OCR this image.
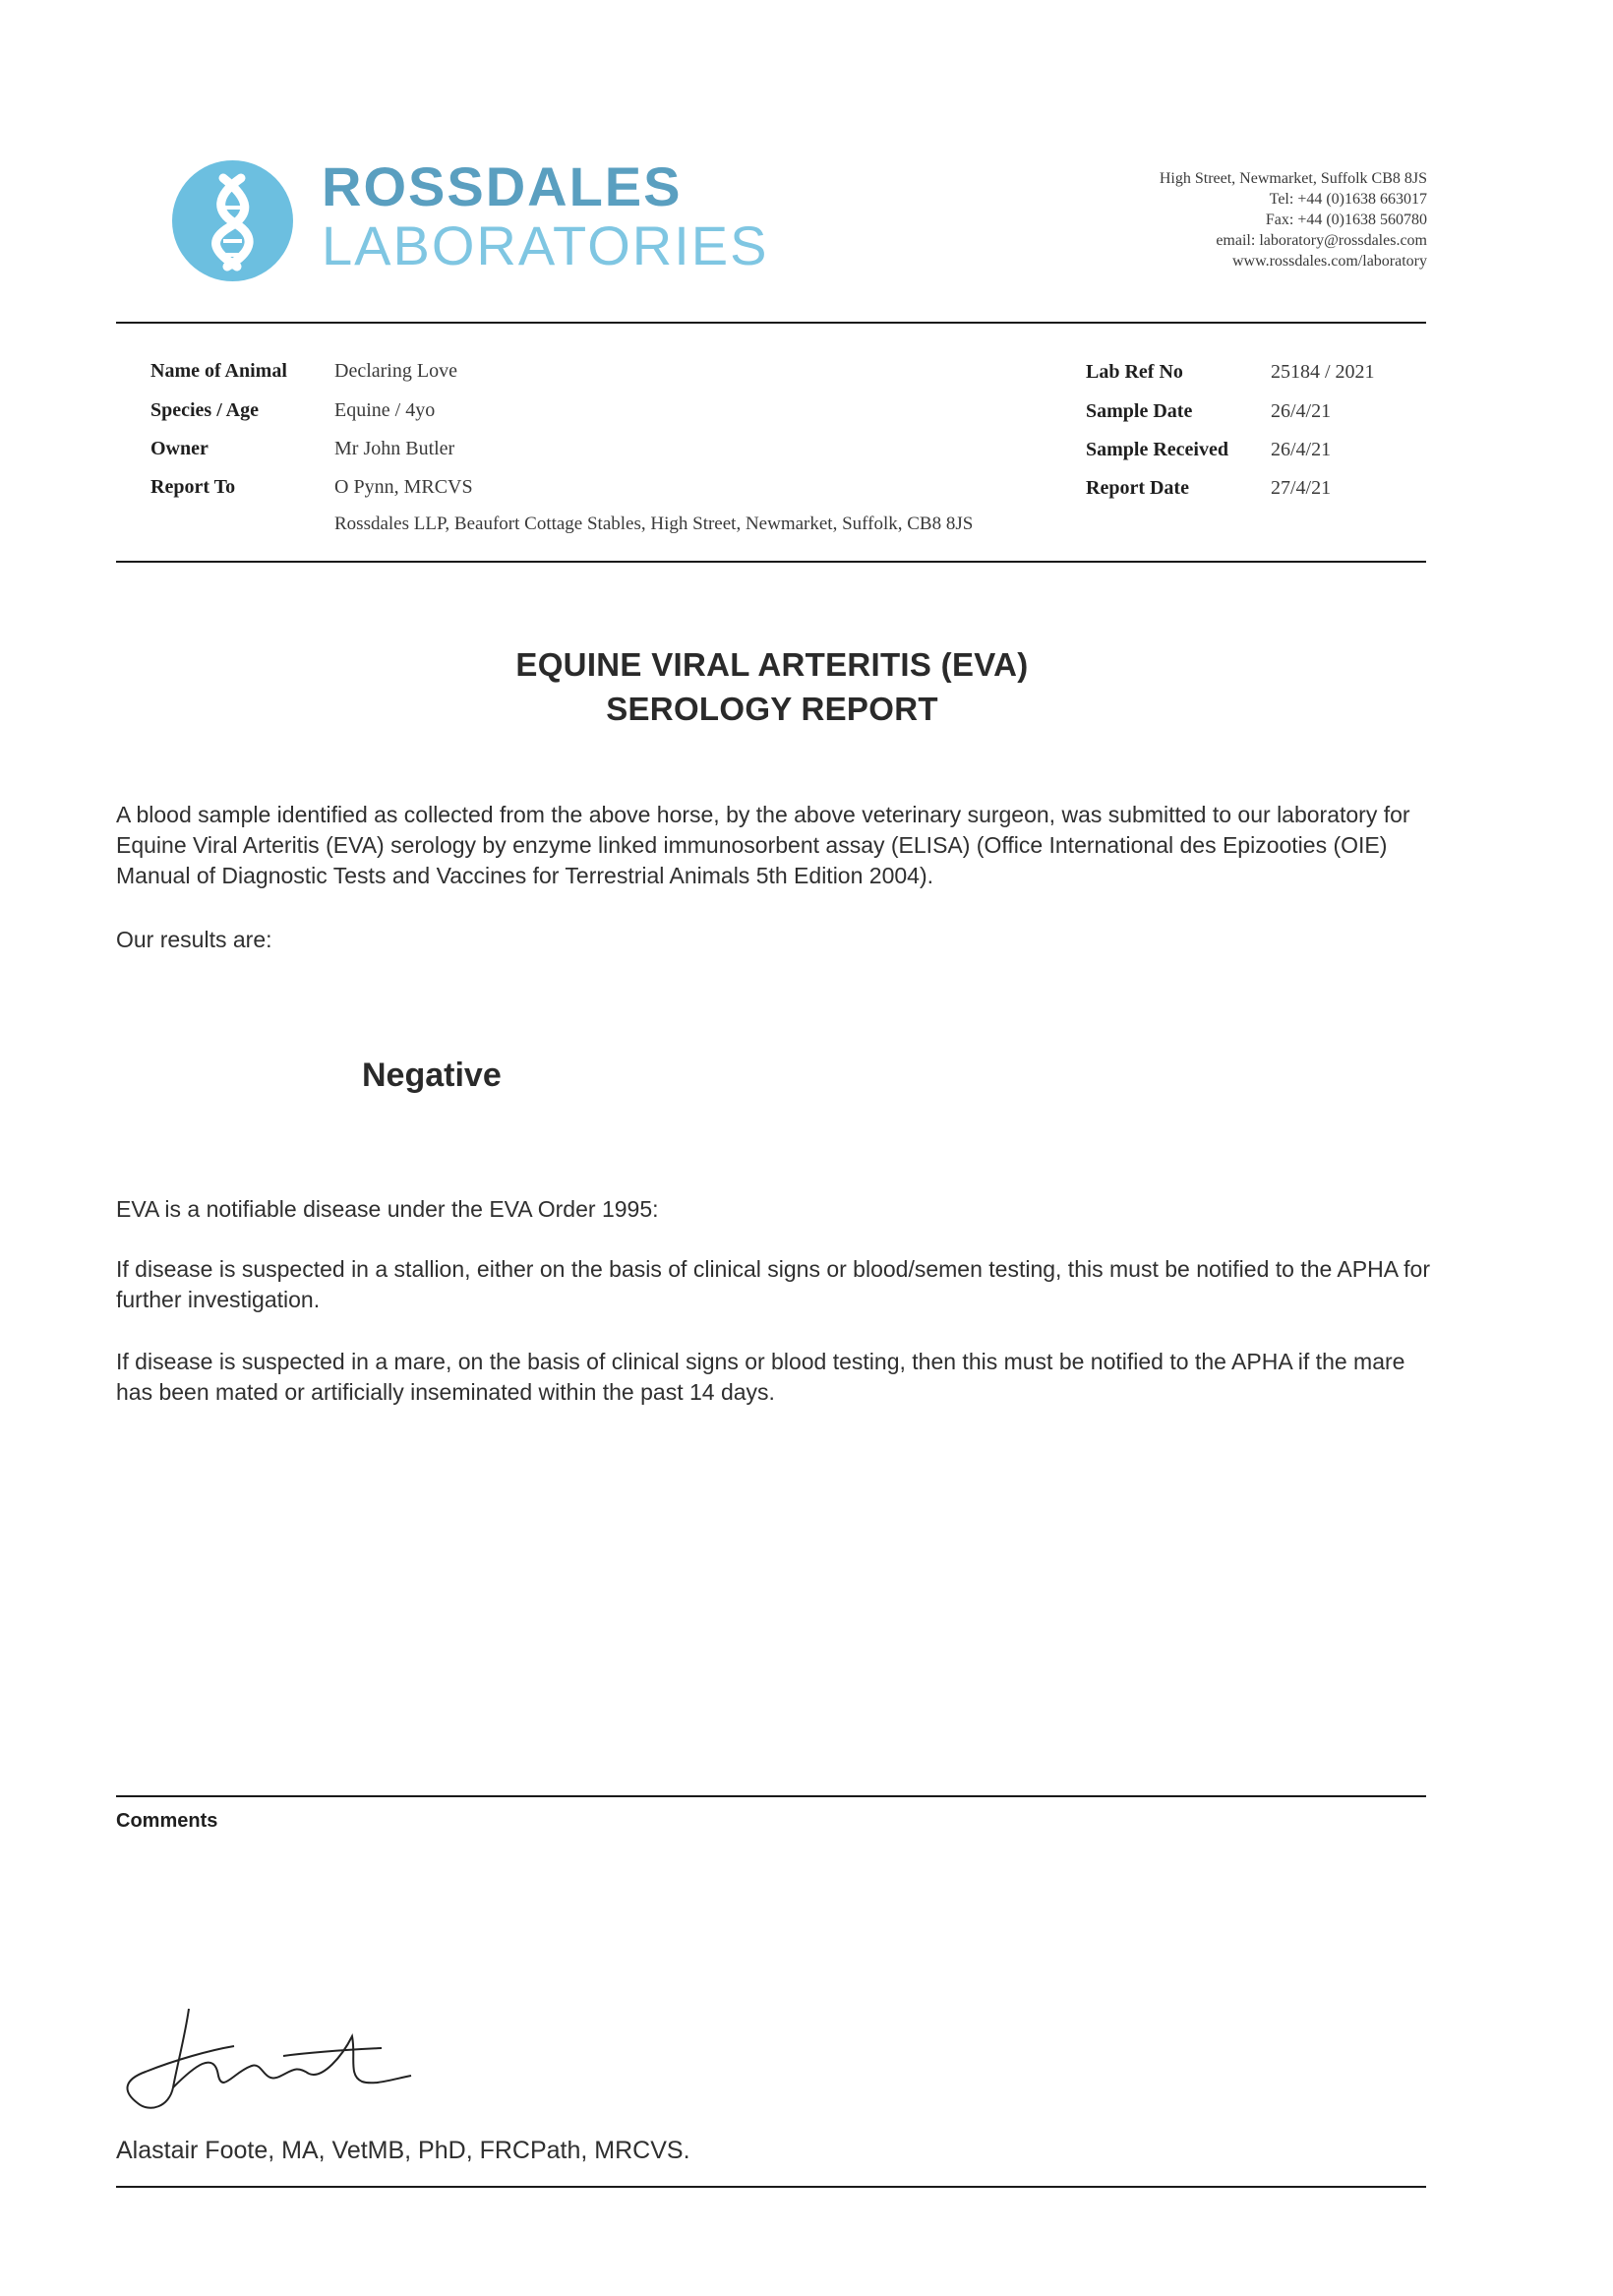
ROSSDALES
LABORATORIES
High Street, Newmarket, Suffolk CB8 8JS
Tel: +44 (0)1638 663017
Fax: +44 (0)1638 560780
email: laboratory@rossdales.com
www.rossdales.com/laboratory
Name of Animal Declaring Love
Species / Age	Equine / 4yo
Owner	Mr John Butler
Report To	O Pynn, MRCVS
Rossdales LLP, Beaufort Cottage Stables, High Street, Newmarket, Suffolk, CB8 8JS
Lab Ref No	25184 / 2021
Sample Date	26/4/21
Sample Received 26/4/21
Report Date	27/4/21
EQUINE VIRAL ARTERITIS (EVA)
SEROLOGY REPORT

A blood sample identified as collected from the above horse, by the above veterinary surgeon, was submitted to our laboratory for Equine Viral Arteritis (EVA) serology by enzyme linked immunosorbent assay (ELISA) (Office International des Epizooties (OIE) Manual of Diagnostic Tests and Vaccines for Terrestrial Animals 5th Edition 2004).

Our results are:

Negative

EVA is a notifiable disease under the EVA Order 1995:

If disease is suspected in a stallion, either on the basis of clinical signs or blood/semen testing, this must be notified to the APHA for further investigation.

If disease is suspected in a mare, on the basis of clinical signs or blood testing, then this must be notified to the APHA if the mare has been mated or artificially inseminated within the past 14 days.

Comments
Alastair Foote, MA, VetMB, PhD, FRCPath, MRCVS.
